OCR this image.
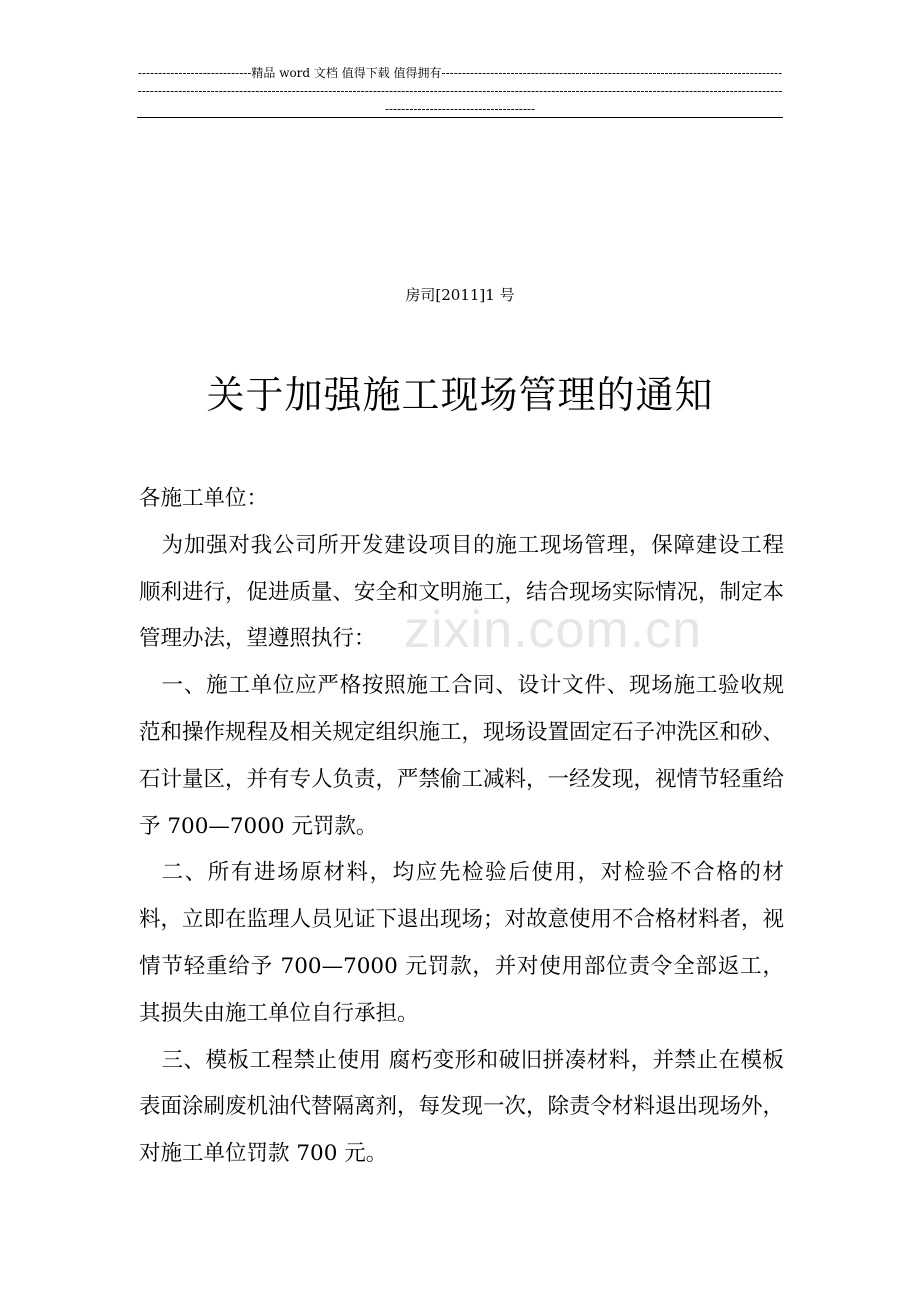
----------------------------精品 word 文档 值得下载 值得拥有----------------------------------------------------------------------------------------------------------------------------------------------------------------------------------------------------------------------------------------------------------------------------------------
zixin.com.cn
房司[2011]1 号
关于加强施工现场管理的通知

各施工单位：

为加强对我公司所开发建设项目的施工现场管理，保障建设工程顺利进行，促进质量、安全和文明施工，结合现场实际情况，制定本管理办法，望遵照执行：

一、施工单位应严格按照施工合同、设计文件、现场施工验收规范和操作规程及相关规定组织施工，现场设置固定石子冲洗区和砂、石计量区，并有专人负责，严禁偷工减料，一经发现，视情节轻重给予 700—7000 元罚款。

二、所有进场原材料，均应先检验后使用，对检验不合格的材料，立即在监理人员见证下退出现场；对故意使用不合格材料者，视情节轻重给予 700—7000 元罚款，并对使用部位责令全部返工，其损失由施工单位自行承担。

三、模板工程禁止使用 腐朽变形和破旧拼凑材料，并禁止在模板表面涂刷废机油代替隔离剂，每发现一次，除责令材料退出现场外，对施工单位罚款 700 元。
